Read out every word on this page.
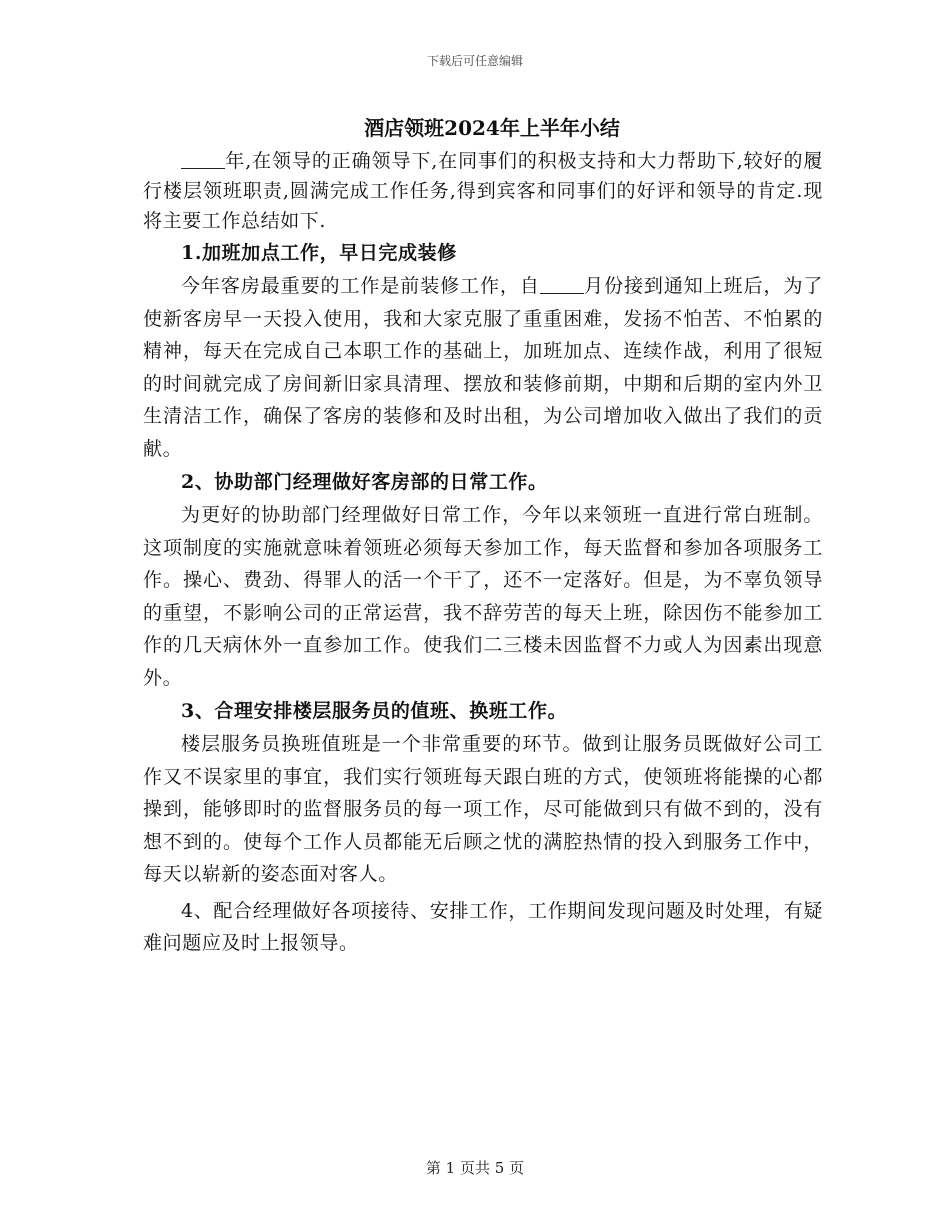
下载后可任意编辑

酒店领班2024年上半年小结

年,在领导的正确领导下,在同事们的积极支持和大力帮助下,较好的履行楼层领班职责,圆满完成工作任务,得到宾客和同事们的好评和领导的肯定.现将主要工作总结如下.

1.加班加点工作，早日完成装修

今年客房最重要的工作是前装修工作，自 月份接到通知上班后，为了使新客房早一天投入使用，我和大家克服了重重困难，发扬不怕苦、不怕累的精神，每天在完成自己本职工作的基础上，加班加点、连续作战，利用了很短的时间就完成了房间新旧家具清理、摆放和装修前期，中期和后期的室内外卫生清洁工作，确保了客房的装修和及时出租，为公司增加收入做出了我们的贡献。

2、协助部门经理做好客房部的日常工作。

为更好的协助部门经理做好日常工作，今年以来领班一直进行常白班制。这项制度的实施就意味着领班必须每天参加工作，每天监督和参加各项服务工作。操心、费劲、得罪人的活一个干了，还不一定落好。但是，为不辜负领导的重望，不影响公司的正常运营，我不辞劳苦的每天上班，除因伤不能参加工作的几天病休外一直参加工作。使我们二三楼未因监督不力或人为因素出现意外。

3、合理安排楼层服务员的值班、换班工作。

楼层服务员换班值班是一个非常重要的环节。做到让服务员既做好公司工作又不误家里的事宜，我们实行领班每天跟白班的方式，使领班将能操的心都操到，能够即时的监督服务员的每一项工作，尽可能做到只有做不到的，没有想不到的。使每个工作人员都能无后顾之忧的满腔热情的投入到服务工作中，每天以崭新的姿态面对客人。

4、配合经理做好各项接待、安排工作，工作期间发现问题及时处理，有疑难问题应及时上报领导。

第 1 页共 5 页
